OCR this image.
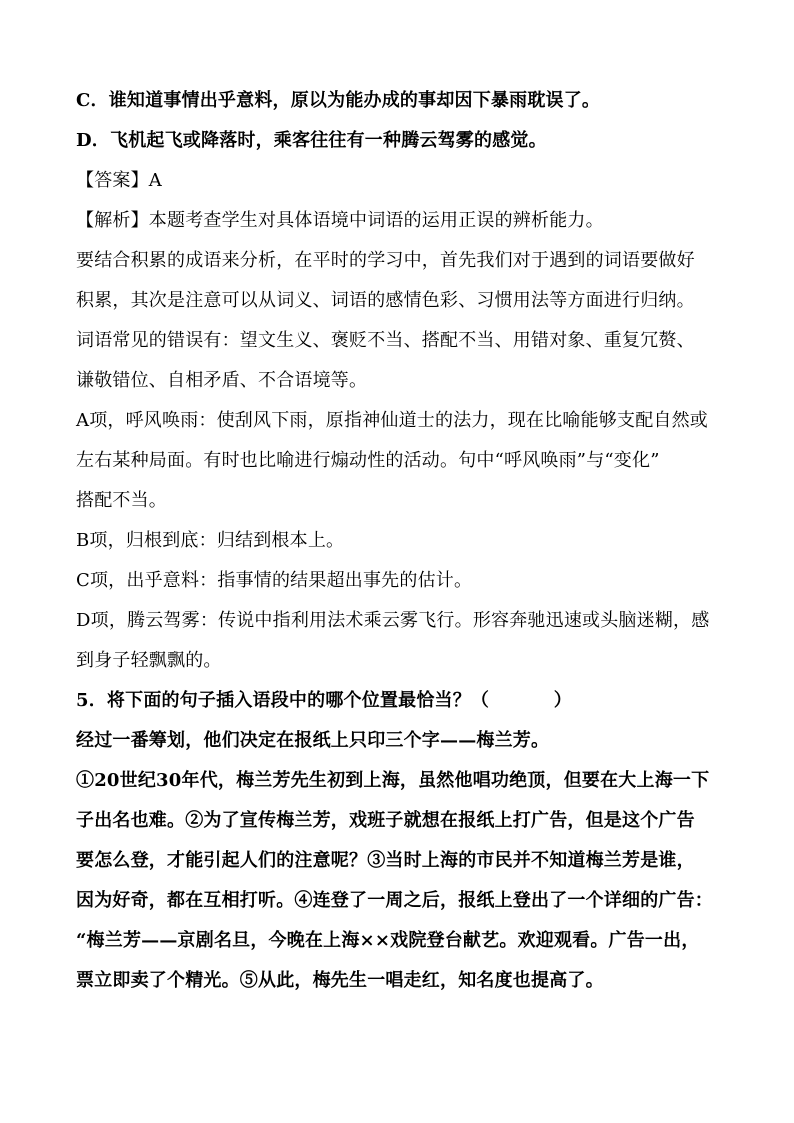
C．谁知道事情出乎意料，原以为能办成的事却因下暴雨耽误了。
D．飞机起飞或降落时，乘客往往有一种腾云驾雾的感觉。
【答案】A
【解析】本题考查学生对具体语境中词语的运用正误的辨析能力。
要结合积累的成语来分析，在平时的学习中，首先我们对于遇到的词语要做好
积累，其次是注意可以从词义、词语的感情色彩、习惯用法等方面进行归纳。
词语常见的错误有：望文生义、褒贬不当、搭配不当、用错对象、重复冗赘、
谦敬错位、自相矛盾、不合语境等。
A项，呼风唤雨：使刮风下雨，原指神仙道士的法力，现在比喻能够支配自然或
左右某种局面。有时也比喻进行煽动性的活动。句中“呼风唤雨”与“变化”
搭配不当。
B项，归根到底：归结到根本上。
C项，出乎意料：指事情的结果超出事先的估计。
D项，腾云驾雾：传说中指利用法术乘云雾飞行。形容奔驰迅速或头脑迷糊，感
到身子轻飘飘的。
5．将下面的句子插入语段中的哪个位置最恰当？（          ）
经过一番筹划，他们决定在报纸上只印三个字——梅兰芳。
①20世纪30年代，梅兰芳先生初到上海，虽然他唱功绝顶，但要在大上海一下
子出名也难。②为了宣传梅兰芳，戏班子就想在报纸上打广告，但是这个广告
要怎么登，才能引起人们的注意呢？③当时上海的市民并不知道梅兰芳是谁，
因为好奇，都在互相打听。④连登了一周之后，报纸上登出了一个详细的广告：
“梅兰芳——京剧名旦，今晚在上海××戏院登台献艺。欢迎观看。广告一出，
票立即卖了个精光。⑤从此，梅先生一唱走红，知名度也提高了。
